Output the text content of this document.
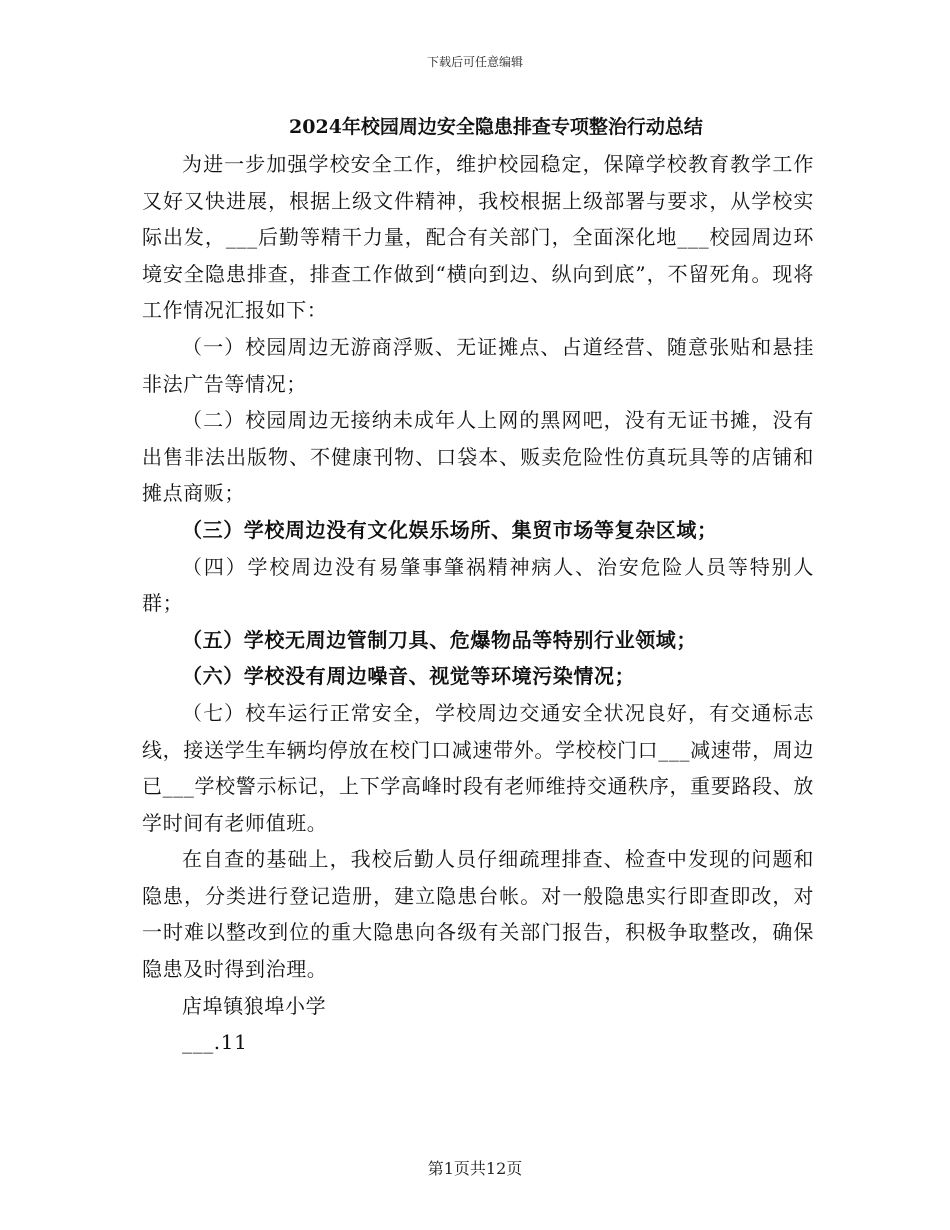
下载后可任意编辑
2024年校园周边安全隐患排查专项整治行动总结

为进一步加强学校安全工作，维护校园稳定，保障学校教育教学工作又好又快进展，根据上级文件精神，我校根据上级部署与要求，从学校实际出发，___后勤等精干力量，配合有关部门，全面深化地___校园周边环境安全隐患排查，排查工作做到“横向到边、纵向到底”，不留死角。现将工作情况汇报如下：

（一）校园周边无游商浮贩、无证摊点、占道经营、随意张贴和悬挂非法广告等情况；

（二）校园周边无接纳未成年人上网的黑网吧，没有无证书摊，没有出售非法出版物、不健康刊物、口袋本、贩卖危险性仿真玩具等的店铺和摊点商贩；

（三）学校周边没有文化娱乐场所、集贸市场等复杂区域；

（四）学校周边没有易肇事肇祸精神病人、治安危险人员等特别人群；

（五）学校无周边管制刀具、危爆物品等特别行业领域；

（六）学校没有周边噪音、视觉等环境污染情况；

（七）校车运行正常安全，学校周边交通安全状况良好，有交通标志线，接送学生车辆均停放在校门口减速带外。学校校门口___减速带，周边已___学校警示标记，上下学高峰时段有老师维持交通秩序，重要路段、放学时间有老师值班。

在自查的基础上，我校后勤人员仔细疏理排查、检查中发现的问题和隐患，分类进行登记造册，建立隐患台帐。对一般隐患实行即查即改，对一时难以整改到位的重大隐患向各级有关部门报告，积极争取整改，确保隐患及时得到治理。

店埠镇狼埠小学

___.11

第1页共12页
